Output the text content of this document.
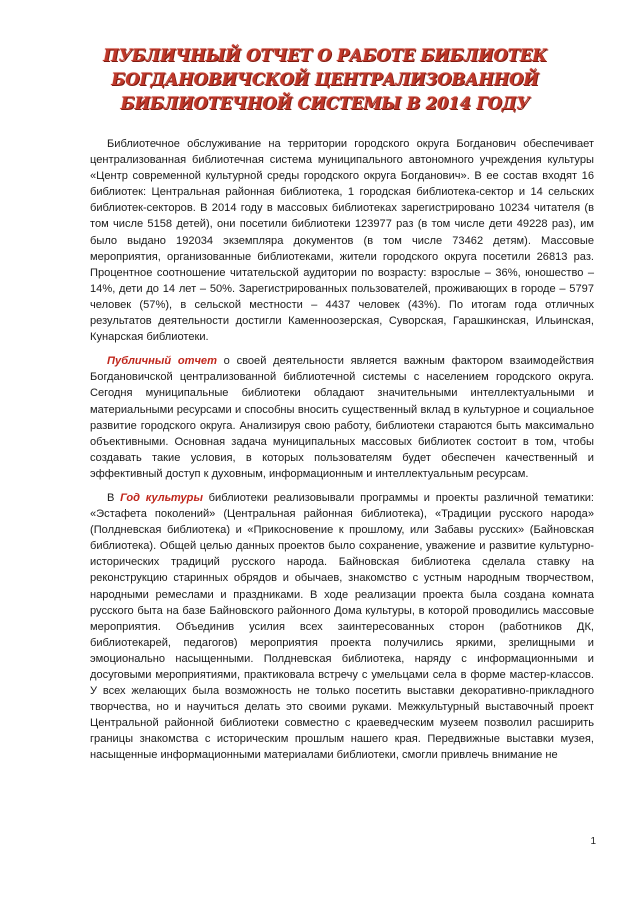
ПУБЛИЧНЫЙ ОТЧЕТ О РАБОТЕ БИБЛИОТЕК
БОГДАНОВИЧСКОЙ ЦЕНТРАЛИЗОВАННОЙ
БИБЛИОТЕЧНОЙ СИСТЕМЫ В 2014 ГОДУ

Библиотечное обслуживание на территории городского округа Богданович обеспечивает централизованная библиотечная система муниципального автономного учреждения культуры «Центр современной культурной среды городского округа Богданович». В ее состав входят 16 библиотек: Центральная районная библиотека, 1 городская библиотека-сектор и 14 сельских библиотек-секторов. В 2014 году в массовых библиотеках зарегистрировано 10234 читателя (в том числе 5158 детей), они посетили библиотеки 123977 раз (в том числе дети 49228 раз), им было выдано 192034 экземпляра документов (в том числе 73462 детям). Массовые мероприятия, организованные библиотеками, жители городского округа посетили 26813 раз. Процентное соотношение читательской аудитории по возрасту: взрослые – 36%, юношество – 14%, дети до 14 лет – 50%. Зарегистрированных пользователей, проживающих в городе – 5797 человек (57%), в сельской местности – 4437 человек (43%). По итогам года отличных результатов деятельности достигли Каменноозерская, Суворская, Гарашкинская, Ильинская, Кунарская библиотеки.

Публичный отчет о своей деятельности является важным фактором взаимодействия Богдановичской централизованной библиотечной системы с населением городского округа. Сегодня муниципальные библиотеки обладают значительными интеллектуальными и материальными ресурсами и способны вносить существенный вклад в культурное и социальное развитие городского округа. Анализируя свою работу, библиотеки стараются быть максимально объективными. Основная задача муниципальных массовых библиотек состоит в том, чтобы создавать такие условия, в которых пользователям будет обеспечен качественный и эффективный доступ к духовным, информационным и интеллектуальным ресурсам.

В Год культуры библиотеки реализовывали программы и проекты различной тематики: «Эстафета поколений» (Центральная районная библиотека), «Традиции русского народа» (Полдневская библиотека) и «Прикосновение к прошлому, или Забавы русских» (Байновская библиотека). Общей целью данных проектов было сохранение, уважение и развитие культурно-исторических традиций русского народа. Байновская библиотека сделала ставку на реконструкцию старинных обрядов и обычаев, знакомство с устным народным творчеством, народными ремеслами и праздниками. В ходе реализации проекта была создана комната русского быта на базе Байновского районного Дома культуры, в которой проводились массовые мероприятия. Объединив усилия всех заинтересованных сторон (работников ДК, библиотекарей, педагогов) мероприятия проекта получились яркими, зрелищными и эмоционально насыщенными. Полдневская библиотека, наряду с информационными и досуговыми мероприятиями, практиковала встречу с умельцами села в форме мастер-классов. У всех желающих была возможность не только посетить выставки декоративно-прикладного творчества, но и научиться делать это своими руками. Межкультурный выставочный проект Центральной районной библиотеки совместно с краеведческим музеем позволил расширить границы знакомства с историческим прошлым нашего края. Передвижные выставки музея, насыщенные информационными материалами библиотеки, смогли привлечь внимание не

1
